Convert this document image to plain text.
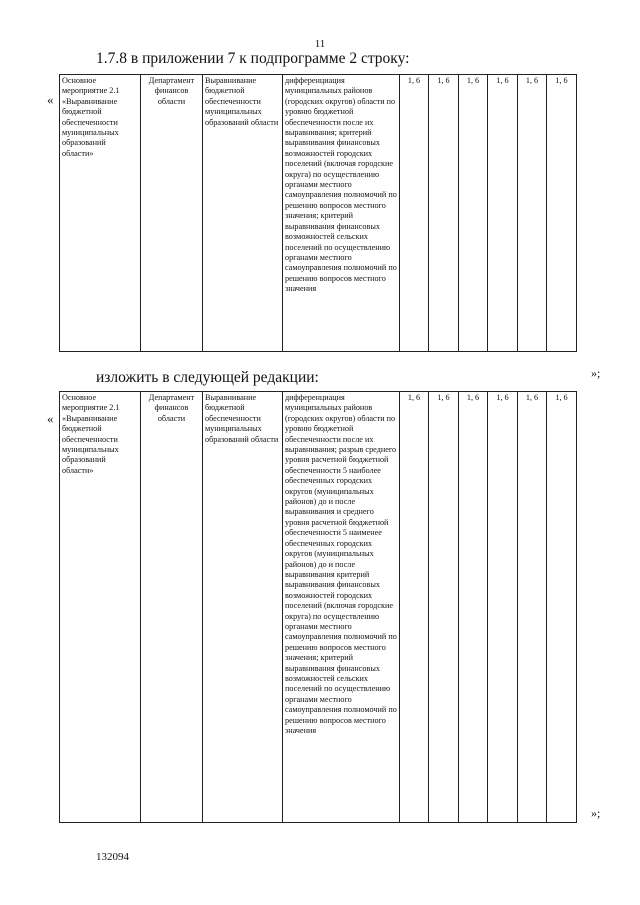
11
1.7.8 в приложении 7 к подпрограмме 2 строку:
«
Основное мероприятие 2.1 «Выравнивание бюджетной обеспеченности муниципальных образований области»	Департамент финансов области	Выравнивание бюджетной обеспеченности муниципальных образований области	дифференциация муниципальных районов (городских округов) области по уровню бюджетной обеспеченности после их выравнивания; критерий выравнивания финансовых возможностей городских поселений (включая городские округа) по осуществлению органами местного самоуправления полномочий по решению вопросов местного значения; критерий выравнивания финансовых возможностей сельских поселений по осуществлению органами местного самоуправления полномочий по решению вопросов местного значения	1, 6	1, 6	1, 6	1, 6	1, 6	1, 6
»;
изложить в следующей редакции:
«
Основное мероприятие 2.1 «Выравнивание бюджетной обеспеченности муниципальных образований области»	Департамент финансов области	Выравнивание бюджетной обеспеченности муниципальных образований области	дифференциация муниципальных районов (городских округов) области по уровню бюджетной обеспеченности после их выравнивания; разрыв среднего уровня расчетной бюджетной обеспеченности 5 наиболее обеспеченных городских округов (муниципальных районов) до и после выравнивания и среднего уровня расчетной бюджетной обеспеченности 5 наименее обеспеченных городских округов (муниципальных районов) до и после выравнивания критерий выравнивания финансовых возможностей городских поселений (включая городские округа) по осуществлению органами местного самоуправления полномочий по решению вопросов местного значения; критерий выравнивания финансовых возможностей сельских поселений по осуществлению органами местного самоуправления полномочий по решению вопросов местного значения	1, 6	1, 6	1, 6	1, 6	1, 6	1, 6
»;
132094
